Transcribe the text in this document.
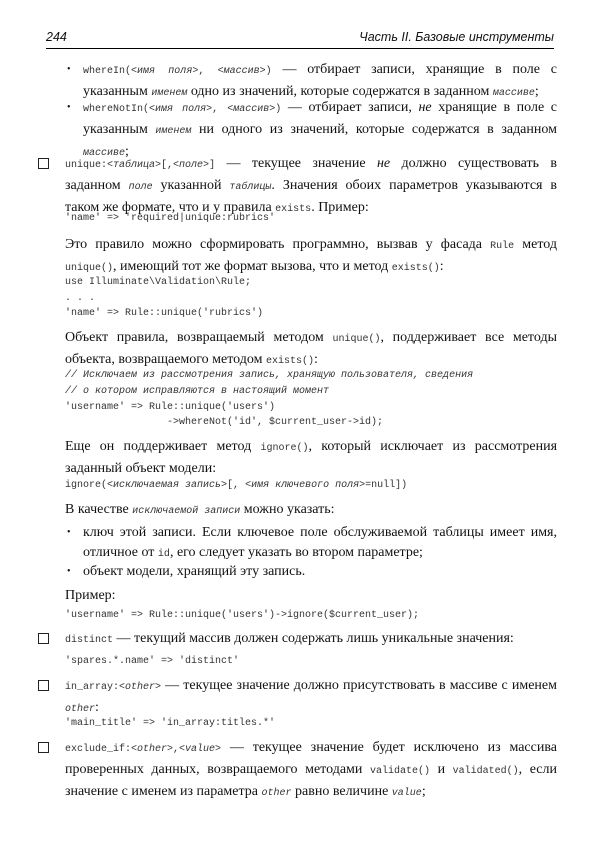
244	Часть II. Базовые инструменты
• whereIn(<имя поля>, <массив>) — отбирает записи, хранящие в поле с указанным именем одно из значений, которые содержатся в заданном массиве;

• whereNotIn(<имя поля>, <массив>) — отбирает записи, не хранящие в поле с указанным именем ни одного из значений, которые содержатся в заданном массиве;

unique:<таблица>[,<поле>] — текущее значение не должно существовать в заданном поле указанной таблицы. Значения обоих параметров указываются в таком же формате, что и у правила exists. Пример:

'name' => 'required|unique:rubrics'

Это правило можно сформировать программно, вызвав у фасада Rule метод unique(), имеющий тот же формат вызова, что и метод exists():

use Illuminate\Validation\Rule;
. . .
'name' => Rule::unique('rubrics')

Объект правила, возвращаемый методом unique(), поддерживает все методы объекта, возвращаемого методом exists():

// Исключаем из рассмотрения запись, хранящую пользователя, сведения
// о котором исправляются в настоящий момент
'username' => Rule::unique('users')
->whereNot('id', $current_user->id);

Еще он поддерживает метод ignore(), который исключает из рассмотрения заданный объект модели:

ignore(<исключаемая запись>[, <имя ключевого поля>=null])

В качестве исключаемой записи можно указать:

• ключ этой записи. Если ключевое поле обслуживаемой таблицы имеет имя, отличное от id, его следует указать во втором параметре;

• объект модели, хранящий эту запись.

Пример:

'username' => Rule::unique('users')->ignore($current_user);

distinct — текущий массив должен содержать лишь уникальные значения:

'spares.*.name' => 'distinct'

in_array:<other> — текущее значение должно присутствовать в массиве с именем other:

'main_title' => 'in_array:titles.*'

exclude_if:<other>,<value> — текущее значение будет исключено из массива проверенных данных, возвращаемого методами validate() и validated(), если значение с именем из параметра other равно величине value;
